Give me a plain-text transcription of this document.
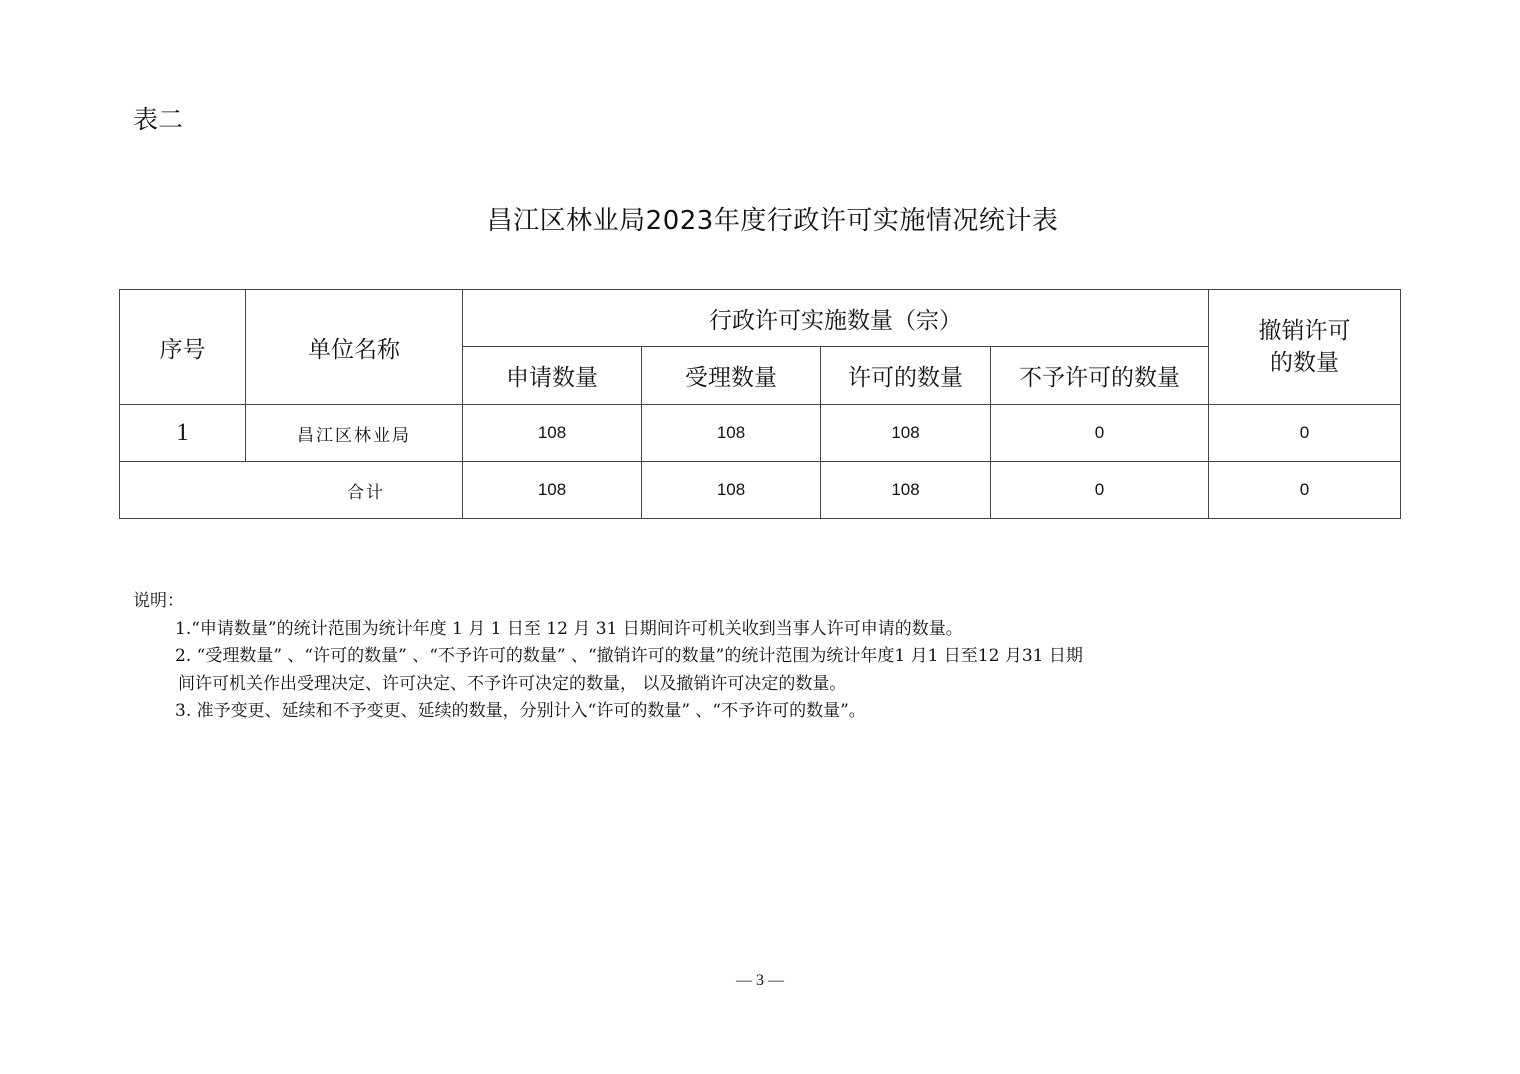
表二
昌江区林业局2023年度行政许可实施情况统计表
序号	单位名称	行政许可实施数量（宗）				撤销许可
的数量

		申请数量	受理数量	许可的数量	不予许可的数量	
1	昌江区林业局	108	108	108	0	0
合计		108	108	108	0	0
说明：
1.“申请数量”的统计范围为统计年度 1 月 1 日至 12 月 31 日期间许可机关收到当事人许可申请的数量。
2. “受理数量” 、“许可的数量” 、“不予许可的数量” 、“撤销许可的数量”的统计范围为统计年度1 月1 日至12 月31 日期
间许可机关作出受理决定、许可决定、不予许可决定的数量， 以及撤销许可决定的数量。
3. 准予变更、延续和不予变更、延续的数量，分别计入“许可的数量” 、“不予许可的数量”。
— 3 —
